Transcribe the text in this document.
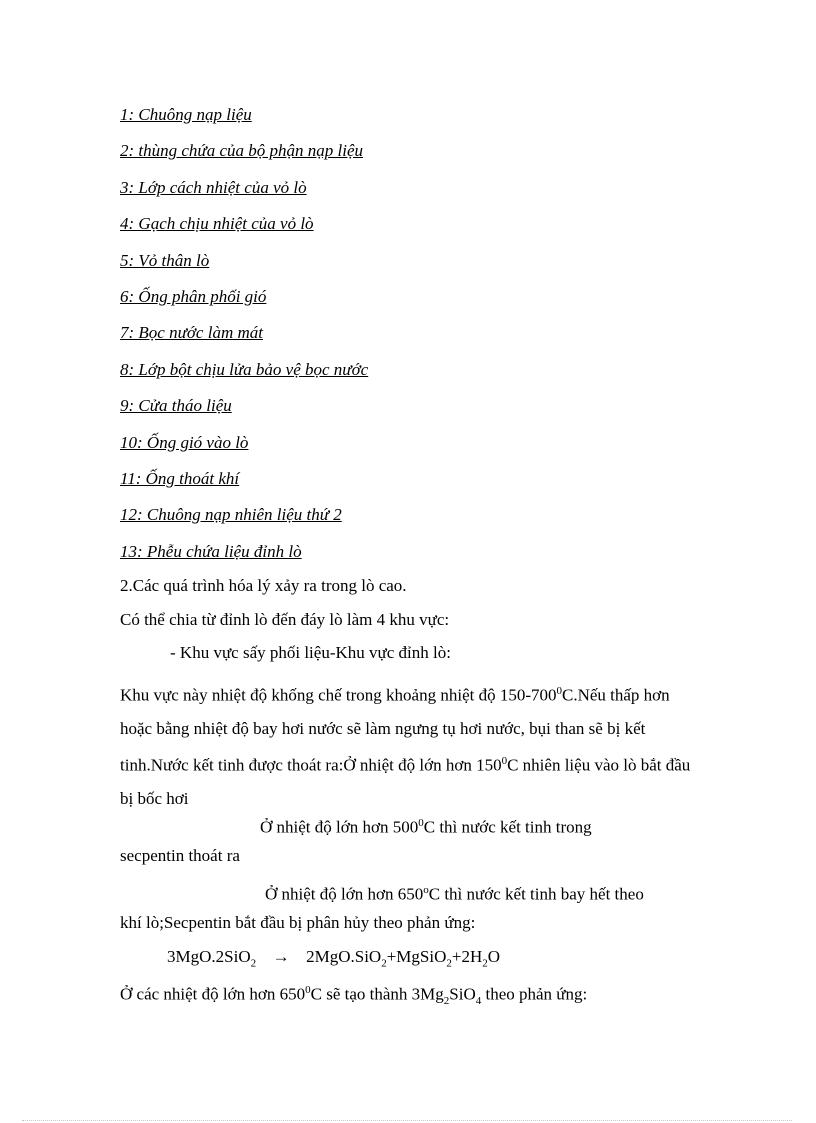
1: Chuông nạp liệu
2: thùng chứa của bộ phận nạp liệu
3: Lớp cách nhiệt của vỏ lò
4: Gạch chịu nhiệt của vỏ lò
5: Vỏ thân lò
6: Ống phân phối gió
7: Bọc nước làm mát
8: Lớp bột chịu lửa bảo vệ bọc nước
9: Cửa tháo liệu
10: Ống gió vào lò
11: Ống thoát khí
12: Chuông nạp nhiên liệu thứ 2
13: Phễu chứa liệu đỉnh lò
2.Các quá trình hóa lý xảy ra trong lò cao.
Có thể chia từ đỉnh lò đến đáy lò làm 4 khu vực:
- Khu vực sấy phối liệu-Khu vực đỉnh lò:
Khu vực này nhiệt độ khống chế trong khoảng nhiệt độ $150-700^0C.Nếu$ thấp hơn hoặc bằng nhiệt độ bay hơi nước sẽ làm ngưng tụ hơi nước, bụi than sẽ bị kết tinh.Nước kết tinh được thoát ra:Ở nhiệt độ lớn hơn $150^0C$ nhiên liệu vào lò bắt đầu bị bốc hơi
Ở nhiệt độ lớn hơn $500^0C$ thì nước kết tinh trong
secpentin thoát ra
Ở nhiệt độ lớn hơn 650$^o$C thì nước kết tinh bay hết theo
khí lò;Secpentin bắt đầu bị phân hủy theo phản ứng:
$3MgO.2SiO_2 \to 2MgO.SiO_2+MgSiO_2+2H_2O$
Ở các nhiệt độ lớn hơn $650^0C$ sẽ tạo thành $3Mg_2SiO_4$ theo phản ứng:
